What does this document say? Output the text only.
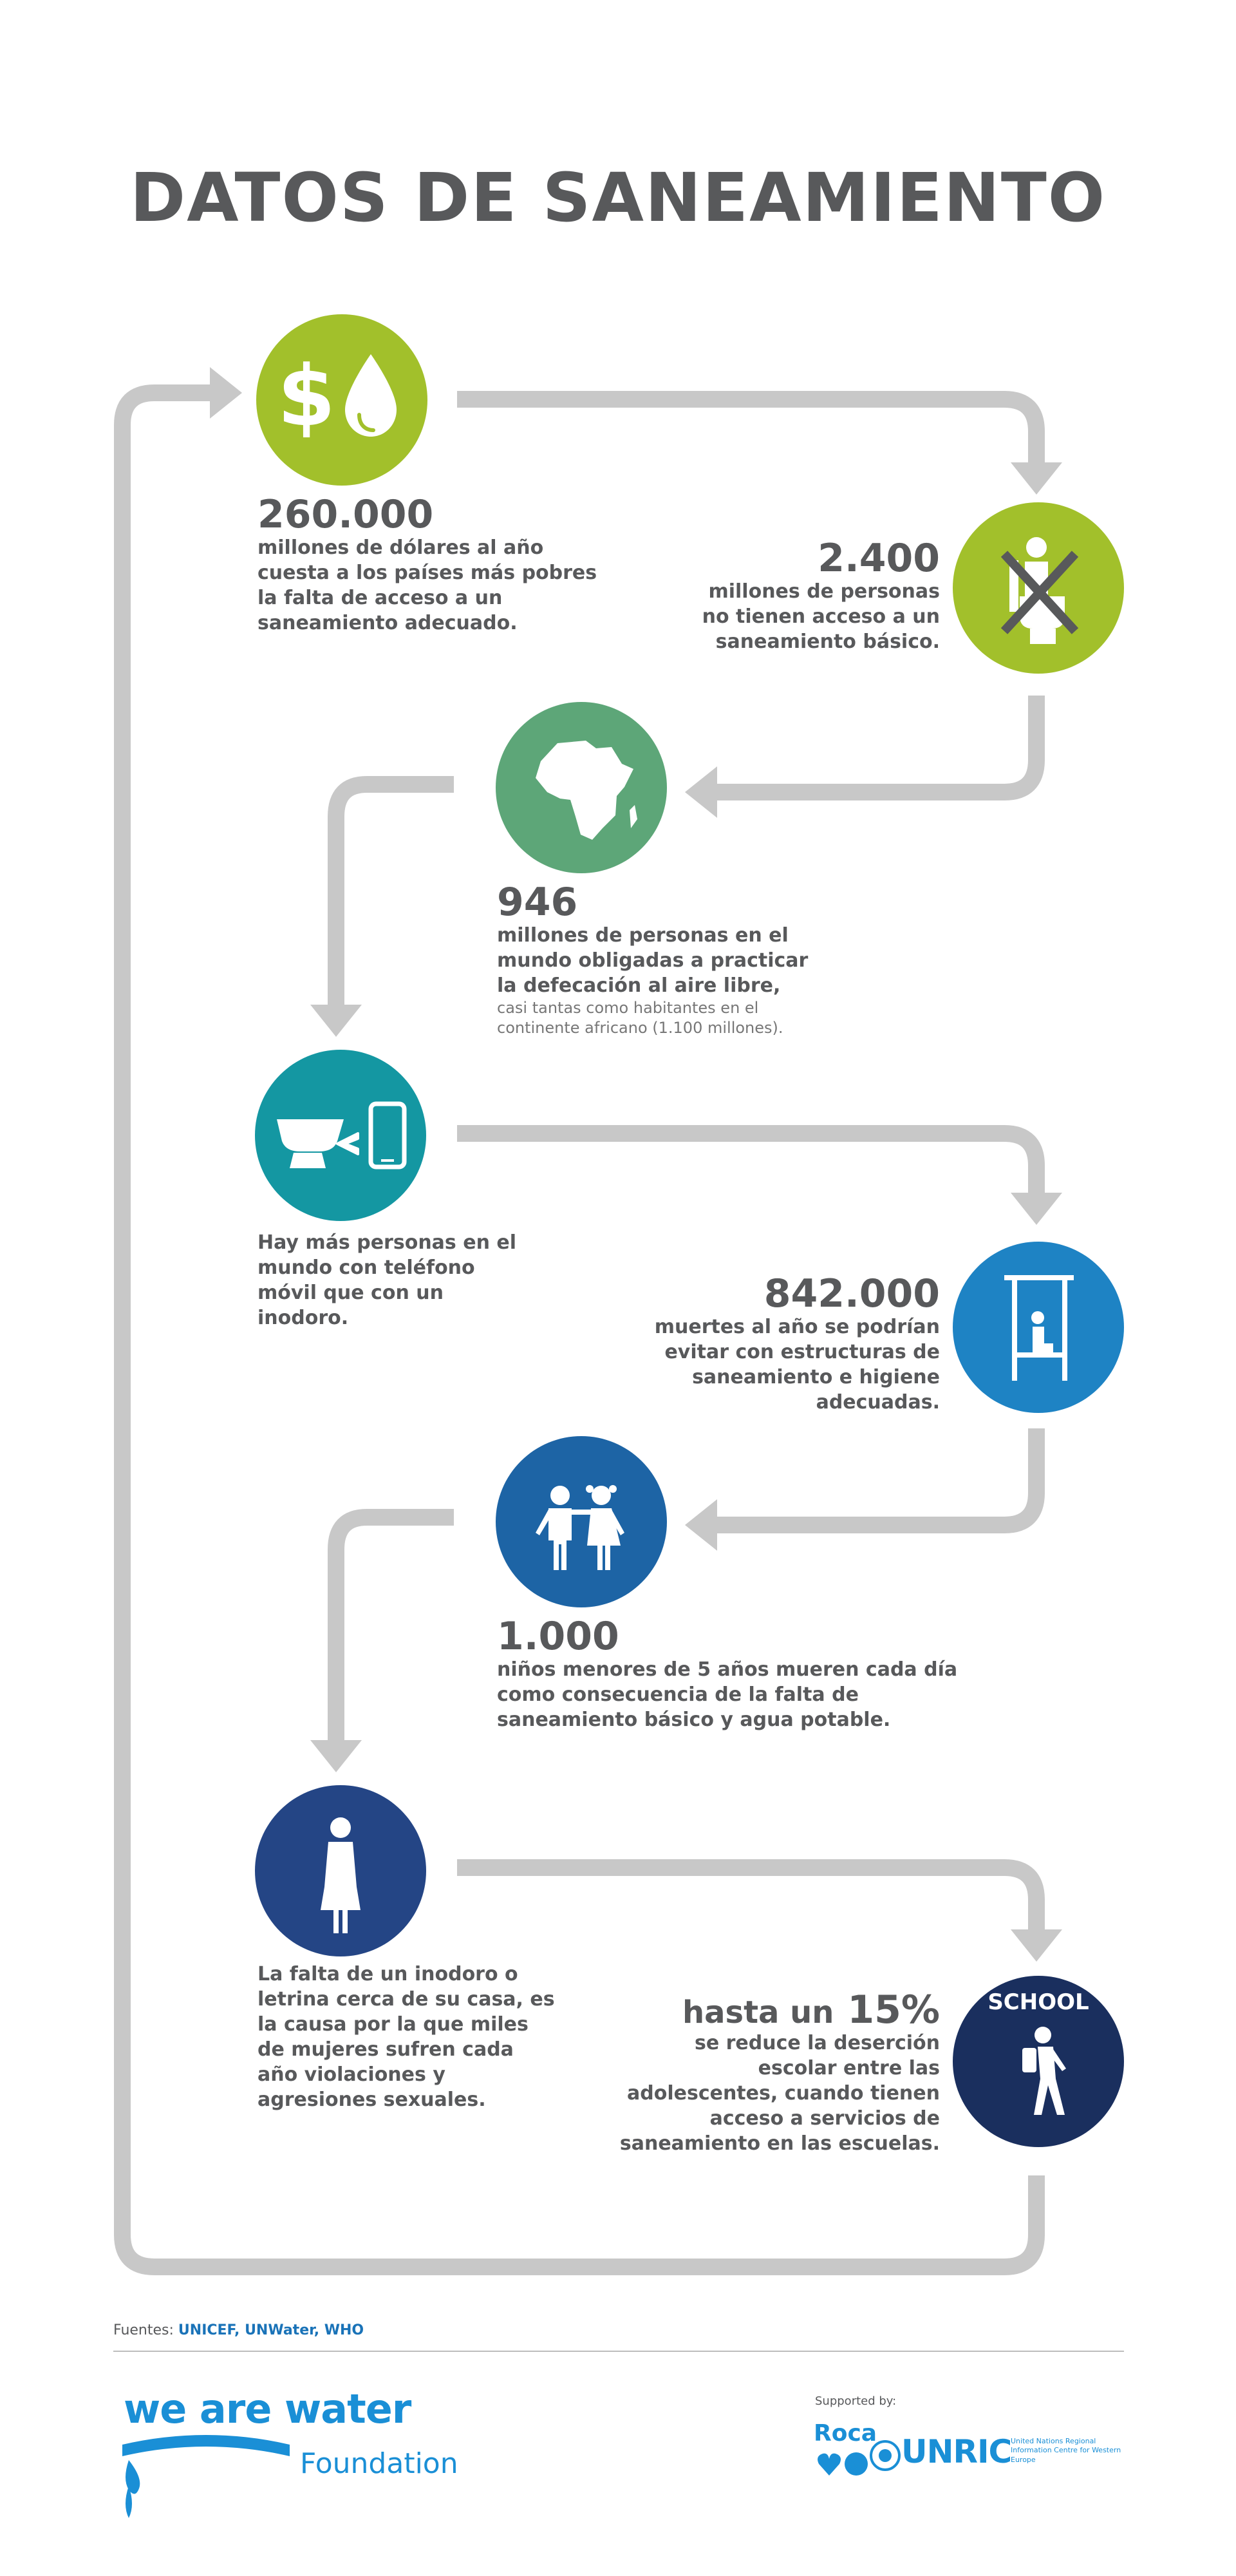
DATOS DE SANEAMIENTO
$
260.000
millones de dólares al año cuesta a los países más pobres la falta de acceso a un saneamiento adecuado.
2.400
millones de personas no tienen acceso a un saneamiento básico.
946
millones de personas en el mundo obligadas a practicar la defecación al aire libre,
casi tantas como habitantes en el continente africano (1.100 millones).
Hay más personas en el mundo con teléfono móvil que con un inodoro.
842.000
muertes al año se podrían evitar con estructuras de saneamiento e higiene adecuadas.
1.000
niños menores de 5 años mueren cada día como consecuencia de la falta de saneamiento básico y agua potable.
La falta de un inodoro o letrina cerca de su casa, es la causa por la que miles de mujeres sufren cada año violaciones y agresiones sexuales.
SCHOOL
hasta un 15%
se reduce la deserción escolar entre las adolescentes, cuando tienen acceso a servicios de saneamiento en las escuelas.
Fuentes: UNICEF, UNWater, WHO
we are water
Foundation
Supported by:
Roca UNRIC
United Nations Regional Information Centre for Western Europe
